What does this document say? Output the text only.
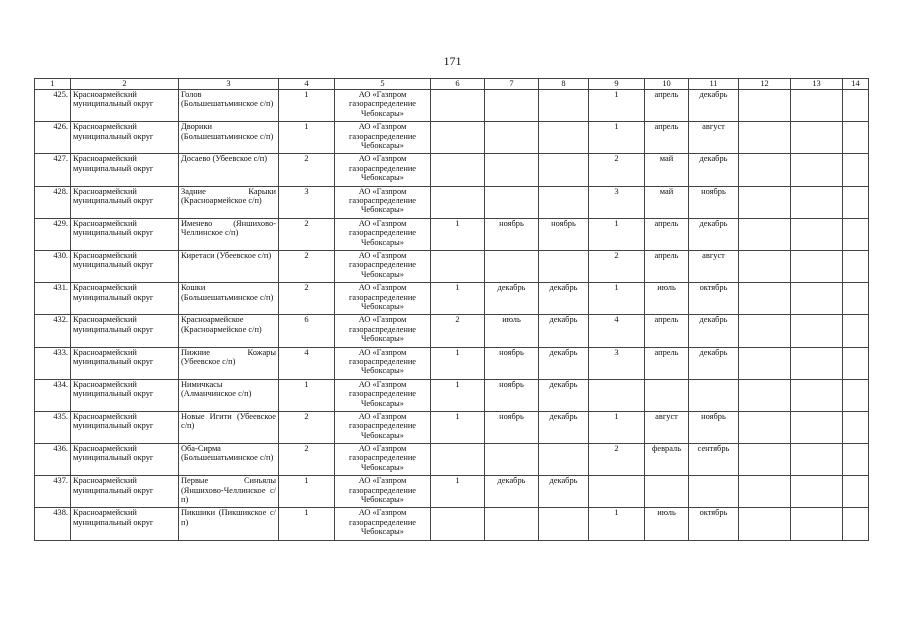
171
1	2	3	4	5	6	7	8	9	10	11	12	13	14
425.	Красноармейский муниципальный округ	Голов (Большешатьминское с/п)	1	АО «Газпром газораспределение Чебоксары»				1	апрель	декабрь			
426.	Красноармейский муниципальный округ	Дворики (Большешатьминское с/п)	1	АО «Газпром газораспределение Чебоксары»				1	апрель	август			
427.	Красноармейский муниципальный округ	Досаево (Убеевское с/п)	2	АО «Газпром газораспределение Чебоксары»				2	май	декабрь			
428.	Красноармейский муниципальный округ	Задние Карыки (Красноармейское с/п)	3	АО «Газпром газораспределение Чебоксары»				3	май	ноябрь			
429.	Красноармейский муниципальный округ	Именево (Яншихово-Челлинское с/п)	2	АО «Газпром газораспределение Чебоксары»	1	ноябрь	ноябрь	1	апрель	декабрь			
430.	Красноармейский муниципальный округ	Киретаси (Убеевское с/п)	2	АО «Газпром газораспределение Чебоксары»				2	апрель	август			
431.	Красноармейский муниципальный округ	Кошки (Большешатьминское с/п)	2	АО «Газпром газораспределение Чебоксары»	1	декабрь	декабрь	1	июль	октябрь			
432.	Красноармейский муниципальный округ	Красноармейское (Красноармейское с/п)	6	АО «Газпром газораспределение Чебоксары»	2	июль	декабрь	4	апрель	декабрь			
433.	Красноармейский муниципальный округ	Пижние Кожары (Убеевское с/п)	4	АО «Газпром газораспределение Чебоксары»	1	ноябрь	декабрь	3	апрель	декабрь			
434.	Красноармейский муниципальный округ	Нимичкасы (Алманчинское с/п)	1	АО «Газпром газораспределение Чебоксары»	1	ноябрь	декабрь						
435.	Красноармейский муниципальный округ	Новые Игити (Убеевское с/п)	2	АО «Газпром газораспределение Чебоксары»	1	ноябрь	декабрь	1	август	ноябрь			
436.	Красноармейский муниципальный округ	Оба-Сирма (Большешатьминское с/п)	2	АО «Газпром газораспределение Чебоксары»				2	февраль	сентябрь			
437.	Красноармейский муниципальный округ	Первые Синьялы (Яншихово-Челлинское с/п)	1	АО «Газпром газораспределение Чебоксары»	1	декабрь	декабрь						
438.	Красноармейский муниципальный округ	Пикшики (Пикшикское с/п)	1	АО «Газпром газораспределение Чебоксары»				1	июль	октябрь			
